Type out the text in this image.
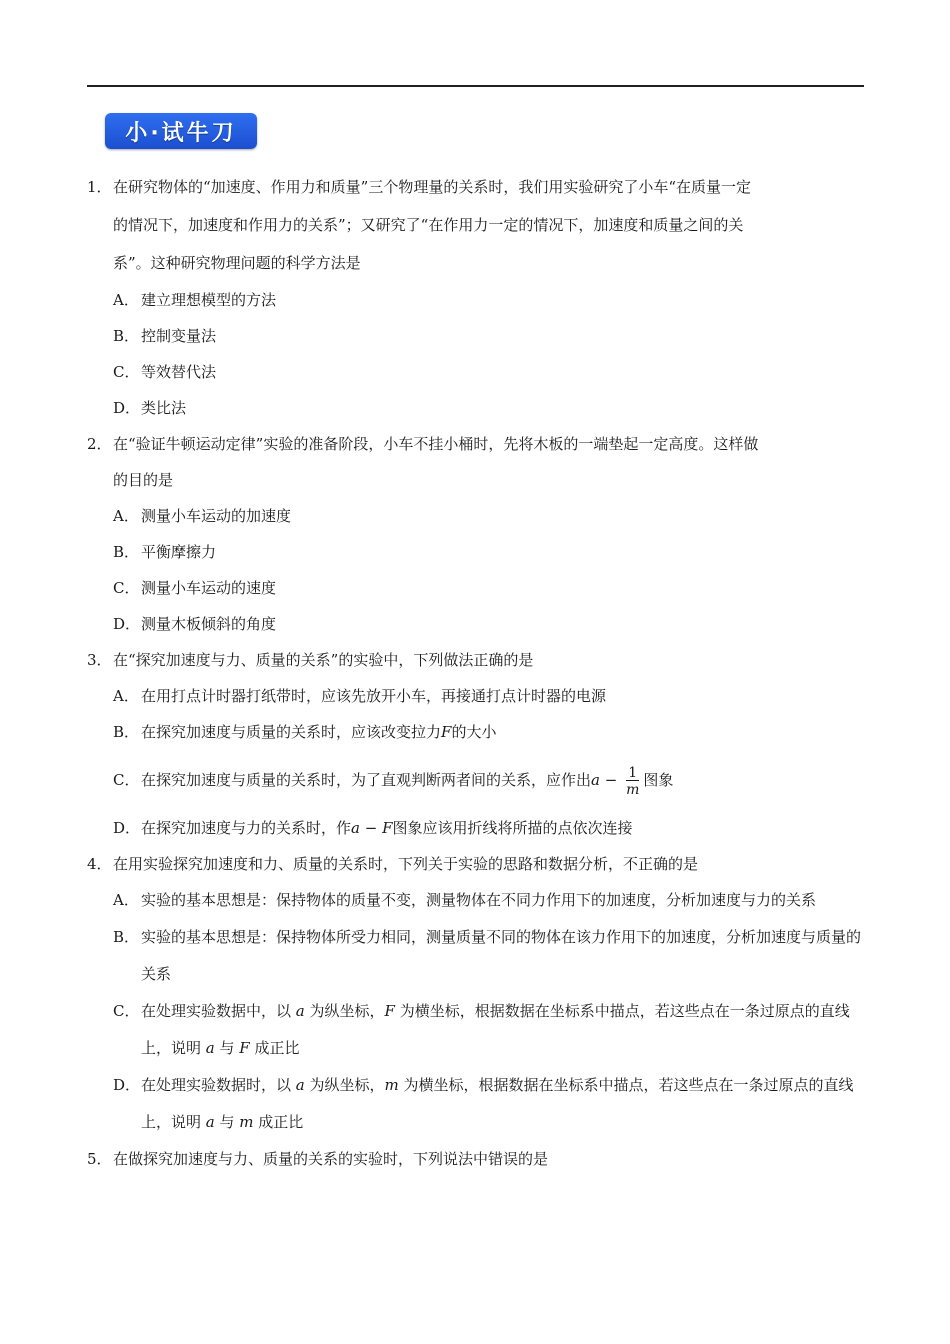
小·试牛刀
1． 在研究物体的“加速度、作用力和质量”三个物理量的关系时，我们用实验研究了小车“在质量一定
的情况下，加速度和作用力的关系”；又研究了“在作用力一定的情况下，加速度和质量之间的关
系”。这种研究物理问题的科学方法是
A． 建立理想模型的方法
B． 控制变量法
C． 等效替代法
D．类比法
2． 在“验证牛顿运动定律”实验的准备阶段，小车不挂小桶时，先将木板的一端垫起一定高度。这样做
的目的是
A． 测量小车运动的加速度
B． 平衡摩擦力
C． 测量小车运动的速度
D．测量木板倾斜的角度
3． 在“探究加速度与力、质量的关系”的实验中，下列做法正确的是
A． 在用打点计时器打纸带时，应该先放开小车，再接通打点计时器的电源
B． 在探究加速度与质量的关系时，应该改变拉力F的大小
C． 在探究加速度与质量的关系时，为了直观判断两者间的关系，应作出$a - \frac{1}{m}$ 图象
D．在探究加速度与力的关系时，作a − F图象应该用折线将所描的点依次连接
4． 在用实验探究加速度和力、质量的关系时，下列关于实验的思路和数据分析，不正确的是
A． 实验的基本思想是：保持物体的质量不变，测量物体在不同力作用下的加速度，分析加速度与力的关系
B． 实验的基本思想是：保持物体所受力相同，测量质量不同的物体在该力作用下的加速度，分析加速度与质量的关系
C． 在处理实验数据中，以 a 为纵坐标，F 为横坐标，根据数据在坐标系中描点，若这些点在一条过原点的直线上，说明 a 与 F 成正比
D．在处理实验数据时，以 a 为纵坐标，m 为横坐标，根据数据在坐标系中描点，若这些点在一条过原点的直线上，说明 a 与 m 成正比
5． 在做探究加速度与力、质量的关系的实验时，下列说法中错误的是
